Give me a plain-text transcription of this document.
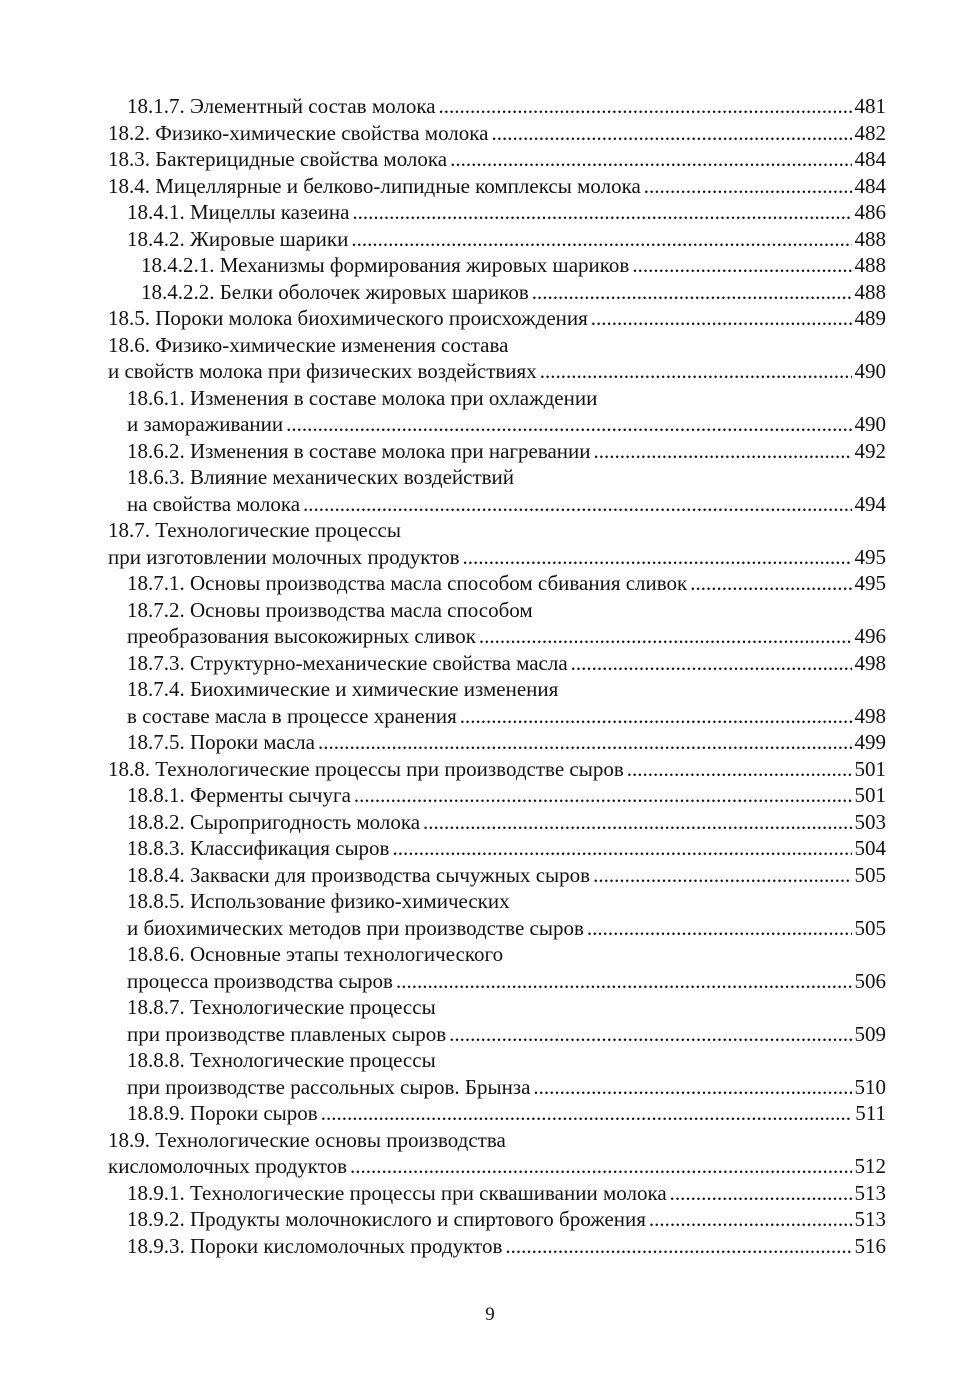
18.1.7. Элементный состав молока .....	481
18.2. Физико-химические свойства молока .....	482
18.3. Бактерицидные свойства молока .....	484
18.4. Мицеллярные и белково-липидные комплексы молока .....	484
18.4.1. Мицеллы казеина .....	486
18.4.2. Жировые шарики .....	488
18.4.2.1. Механизмы формирования жировых шариков .....	488
18.4.2.2. Белки оболочек жировых шариков .....	488
18.5. Пороки молока биохимического происхождения .....	489
18.6. Физико-химические изменения состава
и свойств молока при физических воздействиях .....	490
18.6.1. Изменения в составе молока при охлаждении
и замораживании .....	490
18.6.2. Изменения в составе молока при нагревании .....	492
18.6.3. Влияние механических воздействий
на свойства молока .....	494
18.7. Технологические процессы
при изготовлении молочных продуктов .....	495
18.7.1. Основы производства масла способом сбивания сливок .....	495
18.7.2. Основы производства масла способом
преобразования высокожирных сливок .....	496
18.7.3. Структурно-механические свойства масла .....	498
18.7.4. Биохимические и химические изменения
в составе масла в процессе хранения .....	498
18.7.5. Пороки масла .....	499
18.8. Технологические процессы при производстве сыров .....	501
18.8.1. Ферменты сычуга .....	501
18.8.2. Сыропригодность молока .....	503
18.8.3. Классификация сыров .....	504
18.8.4. Закваски для производства сычужных сыров .....	505
18.8.5. Использование физико-химических
и биохимических методов при производстве сыров .....	505
18.8.6. Основные этапы технологического
процесса производства сыров .....	506
18.8.7. Технологические процессы
при производстве плавленых сыров .....	509
18.8.8. Технологические процессы
при производстве рассольных сыров. Брынза .....	510
18.8.9. Пороки сыров .....	511
18.9. Технологические основы производства
кисломолочных продуктов .....	512
18.9.1. Технологические процессы при сквашивании молока .....	513
18.9.2. Продукты молочнокислого и спиртового брожения .....	513
18.9.3. Пороки кисломолочных продуктов .....	516
9
